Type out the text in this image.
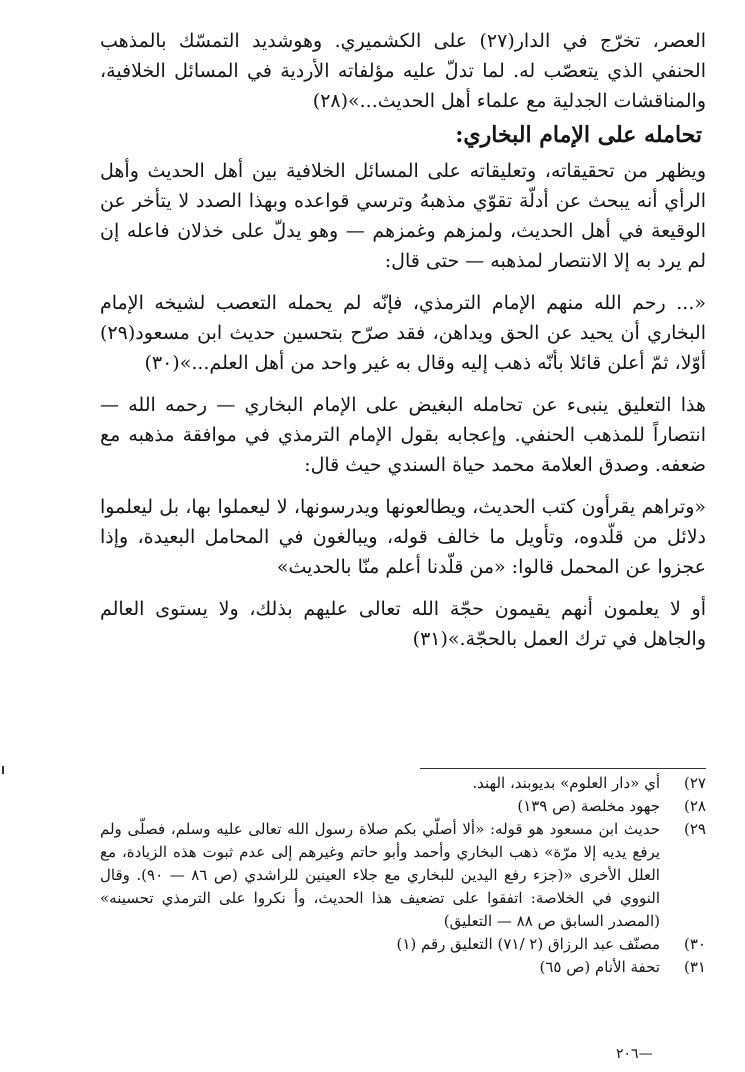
العصر، تخرّج في الدار(٢٧) على الكشميري. وهوشديد التمسّك بالمذهب الحنفي الذي يتعصّب له. لما تدلّ عليه مؤلفاته الأردية في المسائل الخلافية، والمناقشات الجدلية مع علماء أهل الحديث...»(٢٨)

تحامله على الإمام البخاري:

ويظهر من تحقيقاته، وتعليقاته على المسائل الخلافية بين أهل الحديث وأهل الرأي أنه يبحث عن أدلّة تقوّي مذهبهُ وترسي قواعده وبهذا الصدد لا يتأخر عن الوقيعة في أهل الحديث، ولمزهم وغمزهم — وهو يدلّ على خذلان فاعله إن لم يرد به إلا الانتصار لمذهبه — حتى قال:

«... رحم الله منهم الإمام الترمذي، فإنّه لم يحمله التعصب لشيخه الإمام البخاري أن يحيد عن الحق ويداهن، فقد صرّح بتحسين حديث ابن مسعود(٢٩) أوّلا، ثمّ أعلن قائلا بأنّه ذهب إليه وقال به غير واحد من أهل العلم...»(٣٠)

هذا التعليق ينبىء عن تحامله البغيض على الإمام البخاري — رحمه الله — انتصاراً للمذهب الحنفي. وإعجابه بقول الإمام الترمذي في موافقة مذهبه مع ضعفه. وصدق العلامة محمد حياة السندي حيث قال:

«وتراهم يقرأون كتب الحديث، ويطالعونها ويدرسونها، لا ليعملوا بها، بل ليعلموا دلائل من قلّدوه، وتأويل ما خالف قوله، ويبالغون في المحامل البعيدة، وإذا عجزوا عن المحمل قالوا: «من قلّدنا أعلم منّا بالحديث»

أو لا يعلمون أنهم يقيمون حجّة الله تعالى عليهم بذلك، ولا يستوى العالم والجاهل في ترك العمل بالحجّة.»(٣١)

٢٧)
أي «دار العلوم» بديوبند، الهند.
٢٨)
جهود مخلصة (ص ١٣٩)
٢٩)
حديث ابن مسعود هو قوله: «ألا أصلّي بكم صلاة رسول الله تعالى عليه وسلم، فصلّى ولم يرفع يديه إلا مرّة» ذهب البخاري وأحمد وأبو حاتم وغيرهم إلى عدم ثبوت هذه الزيادة، مع العلل الأخرى «(جزء رفع اليدين للبخاري مع جلاء العينين للراشدي (ص ٨٦ — ٩٠). وقال النووي في الخلاصة: اتفقوا على تضعيف هذا الحديث، وأ نكروا على الترمذي تحسينه» (المصدر السابق ص ٨٨ — التعليق)
٣٠)
مصنّف عبد الرزاق (٢ /٧١) التعليق رقم (١)
٣١)
تحفة الأنام (ص ٦٥)
—٢٠٦
